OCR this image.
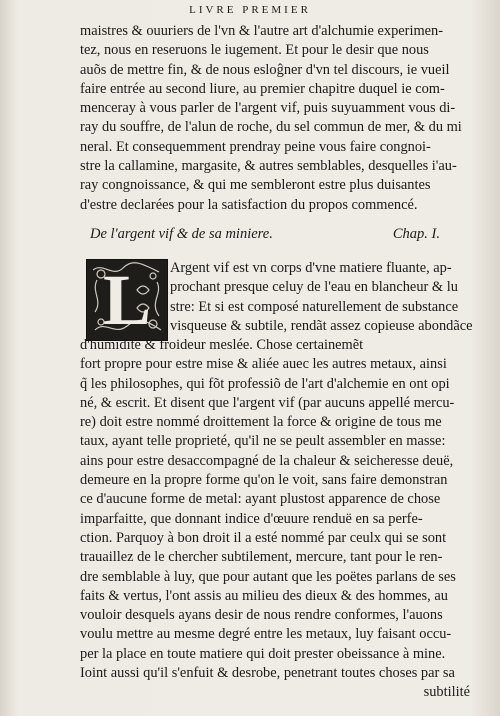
LIVRE PREMIER
maistres & ouuriers de l'vn & l'autre art d'alchumie experimen-
tez, nous en reseruons le iugement. Et pour le desir que nous
auõs de mettre fin, & de nous esloĝner d'vn tel discours, ie vueil
faire entrée au second liure, au premier chapitre duquel ie com-
menceray à vous parler de l'argent vif, puis suyuamment vous di-
ray du souffre, de l'alun de roche, du sel commun de mer, & du mi
neral. Et consequemment prendray peine vous faire congnoi-
stre la callamine, margasite, & autres semblables, desquelles i'au-
ray congnoissance, & qui me sembleront estre plus duisantes
d'estre declarées pour la satisfaction du propos commencé.
De l'argent vif & de sa miniere.	Chap. I.
L	Argent vif est vn corps d'vne matiere fluante, ap-
prochant presque celuy de l'eau en blancheur & lu
stre: Et si est composé naturellement de substance
visqueuse & subtile, rendãt assez copieuse abondãce
d'humidité & froideur meslée. Chose certainemẽt
fort propre pour estre mise & aliée auec les autres metaux, ainsi
q̃ les philosophes, qui fõt professiõ de l'art d'alchemie en ont opi
né, & escrit. Et disent que l'argent vif (par aucuns appellé mercu-
re) doit estre nommé droittement la force & origine de tous me
taux, ayant telle proprieté, qu'il ne se peult assembler en masse:
ains pour estre desaccompagné de la chaleur & seicheresse deuë,
demeure en la propre forme qu'on le voit, sans faire demonstran
ce d'aucune forme de metal: ayant plustost apparence de chose
imparfaitte, que donnant indice d'œuure renduë en sa perfe-
ction. Parquoy à bon droit il a esté nommé par ceulx qui se sont
trauaillez de le chercher subtilement, mercure, tant pour le ren-
dre semblable à luy, que pour autant que les poëtes parlans de ses
faits & vertus, l'ont assis au milieu des dieux & des hommes, au
vouloir desquels ayans desir de nous rendre conformes, l'auons
voulu mettre au mesme degré entre les metaux, luy faisant occu-
per la place en toute matiere qui doit prester obeissance à mine.
Ioint aussi qu'il s'enfuit & desrobe, penetrant toutes choses par sa
subtilité
